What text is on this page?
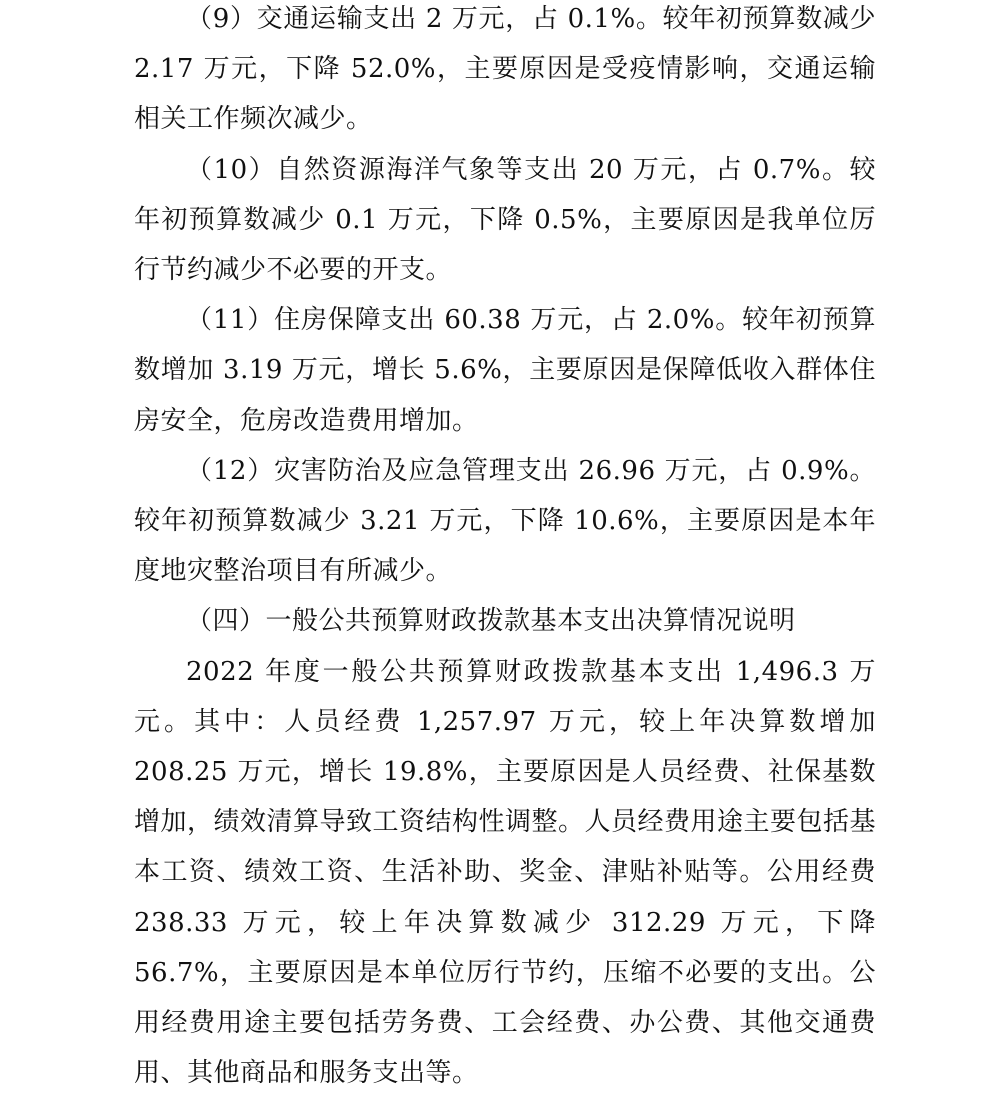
（9）交通运输支出 2 万元，占 0.1%。较年初预算数减少 2.17 万元，下降 52.0%，主要原因是受疫情影响，交通运输相关工作频次减少。

（10）自然资源海洋气象等支出 20 万元，占 0.7%。较年初预算数减少 0.1 万元，下降 0.5%，主要原因是我单位厉行节约减少不必要的开支。

（11）住房保障支出 60.38 万元，占 2.0%。较年初预算数增加 3.19 万元，增长 5.6%，主要原因是保障低收入群体住房安全，危房改造费用增加。

（12）灾害防治及应急管理支出 26.96 万元，占 0.9%。较年初预算数减少 3.21 万元，下降 10.6%，主要原因是本年度地灾整治项目有所减少。

（四）一般公共预算财政拨款基本支出决算情况说明

2022 年度一般公共预算财政拨款基本支出 1,496.3 万元。其中：人员经费 1,257.97 万元，较上年决算数增加 208.25 万元，增长 19.8%，主要原因是人员经费、社保基数增加，绩效清算导致工资结构性调整。人员经费用途主要包括基本工资、绩效工资、生活补助、奖金、津贴补贴等。公用经费 238.33 万元，较上年决算数减少 312.29 万元，下降 56.7%，主要原因是本单位厉行节约，压缩不必要的支出。公用经费用途主要包括劳务费、工会经费、办公费、其他交通费用、其他商品和服务支出等。
